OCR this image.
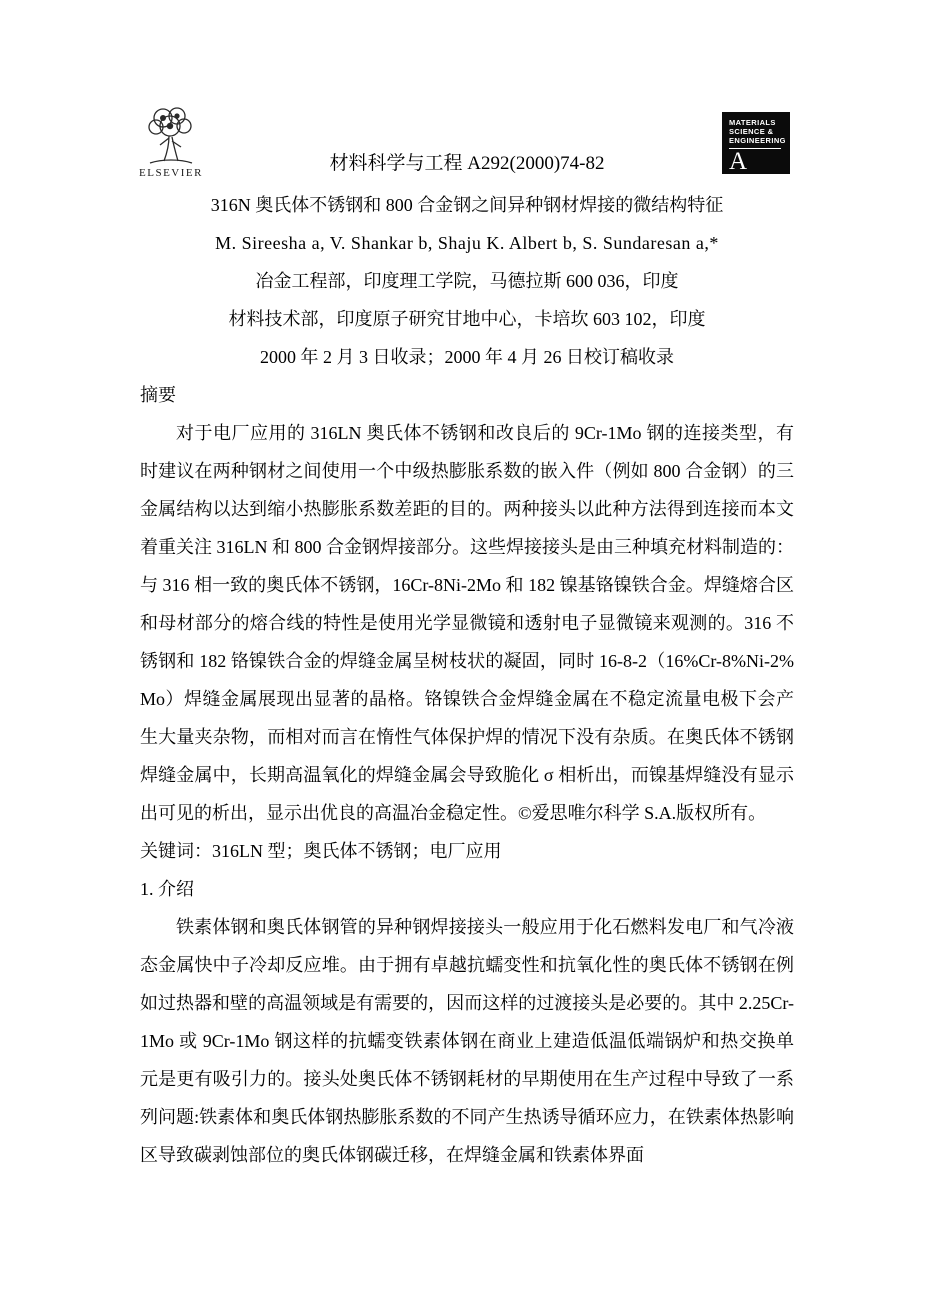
ELSEVIER
MATERIALS
SCIENCE &
ENGINEERING
A
材料科学与工程 A292(2000)74-82
316N 奥氏体不锈钢和 800 合金钢之间异种钢材焊接的微结构特征
M. Sireesha a, V. Shankar b, Shaju K. Albert b, S. Sundaresan a,*
冶金工程部，印度理工学院，马德拉斯 600 036，印度
材料技术部，印度原子研究甘地中心，卡培坎 603 102，印度
2000 年 2 月 3 日收录；2000 年 4 月 26 日校订稿收录
摘要

对于电厂应用的 316LN 奥氏体不锈钢和改良后的 9Cr-1Mo 钢的连接类型，有时建议在两种钢材之间使用一个中级热膨胀系数的嵌入件（例如 800 合金钢）的三金属结构以达到缩小热膨胀系数差距的目的。两种接头以此种方法得到连接而本文着重关注 316LN 和 800 合金钢焊接部分。这些焊接接头是由三种填充材料制造的：与 316 相一致的奥氏体不锈钢，16Cr-8Ni-2Mo 和 182 镍基铬镍铁合金。焊缝熔合区和母材部分的熔合线的特性是使用光学显微镜和透射电子显微镜来观测的。316 不锈钢和 182 铬镍铁合金的焊缝金属呈树枝状的凝固，同时 16-8-2（16%Cr-8%Ni-2%Mo）焊缝金属展现出显著的晶格。铬镍铁合金焊缝金属在不稳定流量电极下会产生大量夹杂物，而相对而言在惰性气体保护焊的情况下没有杂质。在奥氏体不锈钢焊缝金属中，长期高温氧化的焊缝金属会导致脆化 σ 相析出，而镍基焊缝没有显示出可见的析出，显示出优良的高温冶金稳定性。©爱思唯尔科学 S.A.版权所有。

关键词：316LN 型；奥氏体不锈钢；电厂应用
1. 介绍

铁素体钢和奥氏体钢管的异种钢焊接接头一般应用于化石燃料发电厂和气冷液态金属快中子冷却反应堆。由于拥有卓越抗蠕变性和抗氧化性的奥氏体不锈钢在例如过热器和壁的高温领域是有需要的，因而这样的过渡接头是必要的。其中 2.25Cr-1Mo 或 9Cr-1Mo 钢这样的抗蠕变铁素体钢在商业上建造低温低端锅炉和热交换单元是更有吸引力的。接头处奥氏体不锈钢耗材的早期使用在生产过程中导致了一系列问题:铁素体和奥氏体钢热膨胀系数的不同产生热诱导循环应力，在铁素体热影响区导致碳剥蚀部位的奥氏体钢碳迁移，在焊缝金属和铁素体界面
